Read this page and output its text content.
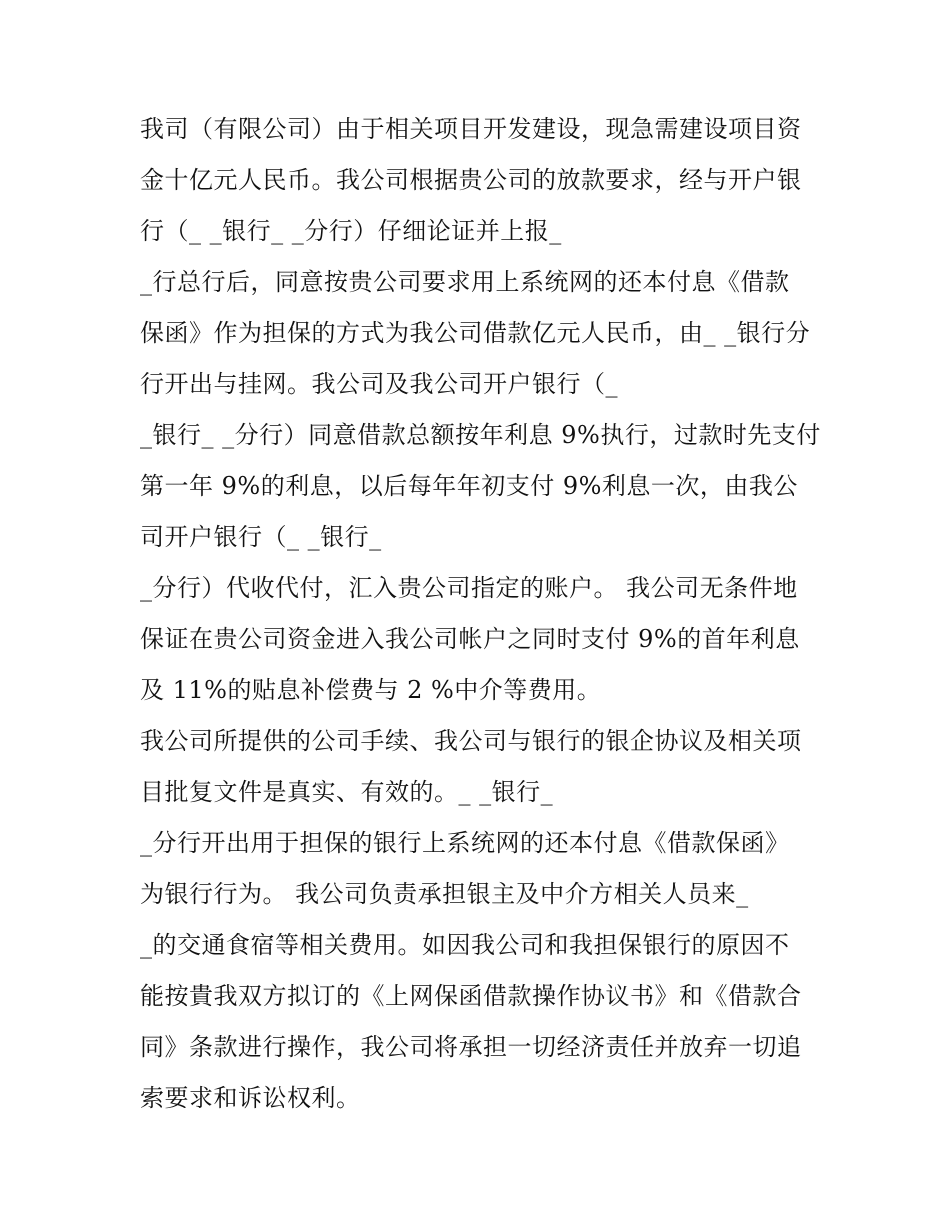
我司（有限公司）由于相关项目开发建设，现急需建设项目资
金十亿元人民币。我公司根据贵公司的放款要求，经与开户银
行（_ _银行_ _分行）仔细论证并上报_
_行总行后，同意按贵公司要求用上系统网的还本付息《借款
保函》作为担保的方式为我公司借款亿元人民币，由_ _银行分
行开出与挂网。我公司及我公司开户银行（_
_银行_ _分行）同意借款总额按年利息 9%执行，过款时先支付
第一年 9%的利息，以后每年年初支付 9%利息一次，由我公
司开户银行（_ _银行_
_分行）代收代付，汇入贵公司指定的账户。 我公司无条件地
保证在贵公司资金进入我公司帐户之同时支付 9%的首年利息
及 11%的贴息补偿费与 2 %中介等费用。
我公司所提供的公司手续、我公司与银行的银企协议及相关项
目批复文件是真实、有效的。_ _银行_
_分行开出用于担保的银行上系统网的还本付息《借款保函》
为银行行为。 我公司负责承担银主及中介方相关人员来_
_的交通食宿等相关费用。如因我公司和我担保银行的原因不
能按貴我双方拟订的《上网保函借款操作协议书》和《借款合
同》条款进行操作，我公司将承担一切经济责任并放弃一切追
索要求和诉讼权利。
